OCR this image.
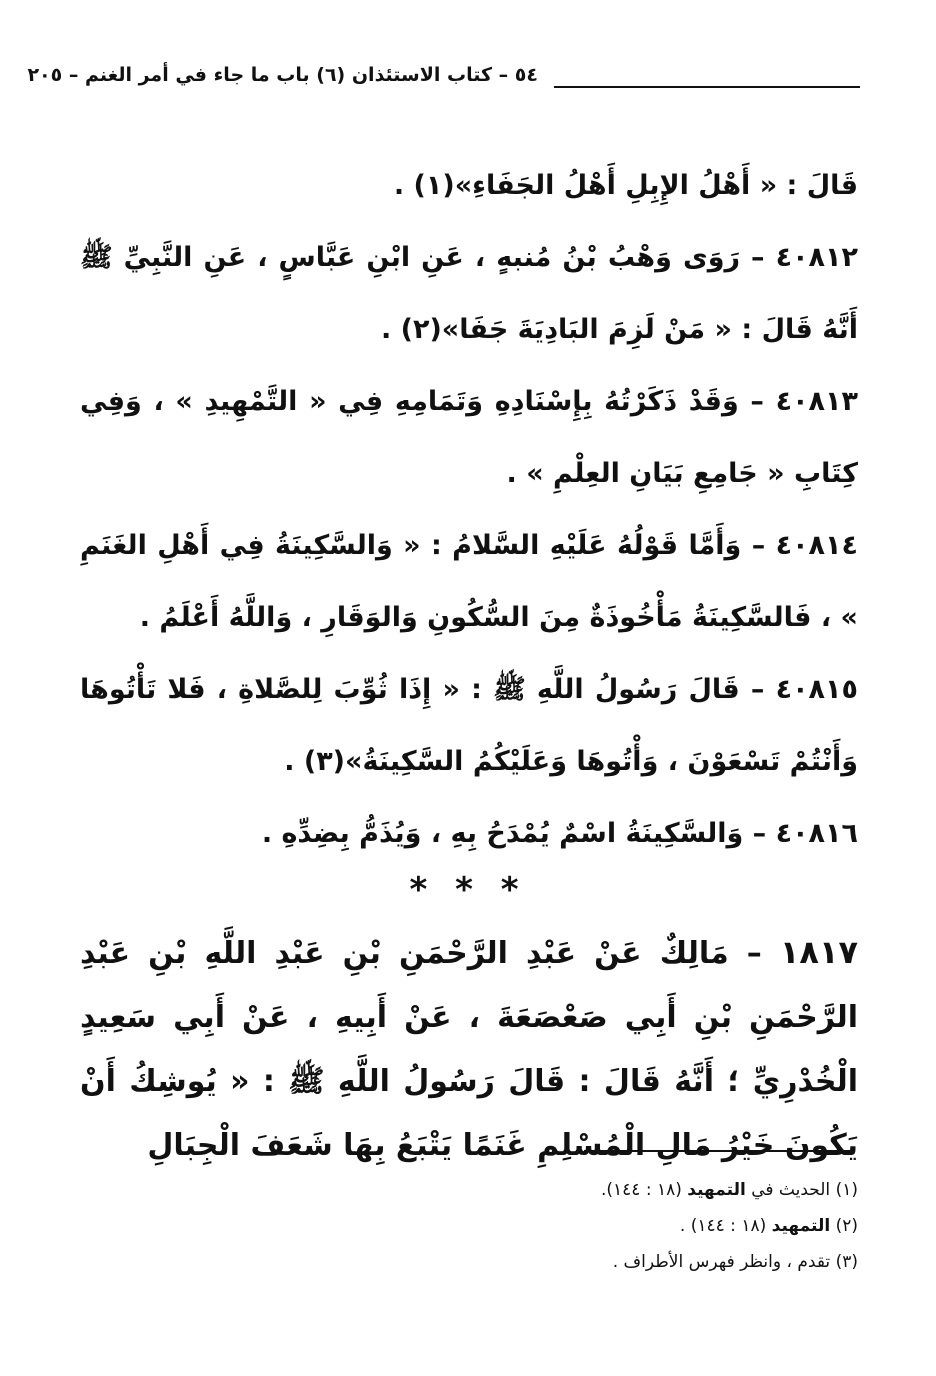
٥٤ – كتاب الاستئذان (٦) باب ما جاء في أمر الغنم – ٢٠٥

قَالَ : « أَهْلُ الإِبِلِ أَهْلُ الجَفَاءِ»(١) .

٤٠٨١٢ – رَوَى وَهْبُ بْنُ مُنبهٍ ، عَنِ ابْنِ عَبَّاسٍ ، عَنِ النَّبِيِّ ﷺ أَنَّهُ قَالَ : « مَنْ لَزِمَ البَادِيَةَ جَفَا»(٢) .

٤٠٨١٣ – وَقَدْ ذَكَرْتُهُ بِإِسْنَادِهِ وَتَمَامِهِ فِي « التَّمْهِيدِ » ، وَفِي كِتَابِ « جَامِعِ بَيَانِ العِلْمِ » .

٤٠٨١٤ – وَأَمَّا قَوْلُهُ عَلَيْهِ السَّلامُ : « وَالسَّكِينَةُ فِي أَهْلِ الغَنَمِ » ، فَالسَّكِينَةُ مَأْخُوذَةٌ مِنَ السُّكُونِ وَالوَقَارِ ، وَاللَّهُ أَعْلَمُ .

٤٠٨١٥ – قَالَ رَسُولُ اللَّهِ ﷺ : « إِذَا ثُوِّبَ لِلصَّلاةِ ، فَلا تَأْتُوهَا وَأَنْتُمْ تَسْعَوْنَ ، وَأْتُوهَا وَعَلَيْكُمُ السَّكِينَةُ»(٣) .

٤٠٨١٦ – وَالسَّكِينَةُ اسْمٌ يُمْدَحُ بِهِ ، وَيُذَمُّ بِضِدِّهِ .

* * *
١٨١٧ – مَالِكٌ عَنْ عَبْدِ الرَّحْمَنِ بْنِ عَبْدِ اللَّهِ بْنِ عَبْدِ الرَّحْمَنِ بْنِ أَبِي صَعْصَعَةَ ، عَنْ أَبِيهِ ، عَنْ أَبِي سَعِيدٍ الْخُدْرِيِّ ؛ أَنَّهُ قَالَ : قَالَ رَسُولُ اللَّهِ ﷺ : « يُوشِكُ أَنْ يَكُونَ خَيْرُ مَالِ الْمُسْلِمِ غَنَمًا يَتْبَعُ بِهَا شَعَفَ الْجِبَالِ

(١) الحديث في التمهيد (١٨ : ١٤٤).

(٢) التمهيد (١٨ : ١٤٤) .

(٣) تقدم ، وانظر فهرس الأطراف .
